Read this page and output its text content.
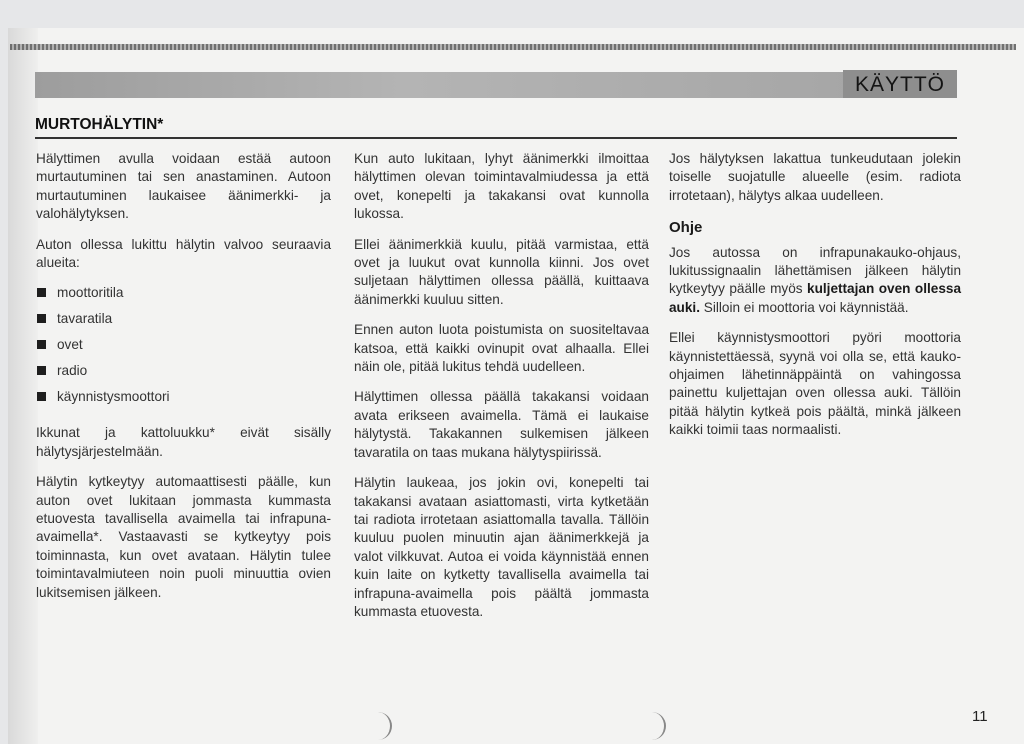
KÄYTTÖ
MURTOHÄLYTIN*

Hälyttimen avulla voidaan estää autoon murtautuminen tai sen anastaminen. Autoon murtautuminen laukaisee äänimerkki- ja valohälytyksen.

Auton ollessa lukittu hälytin valvoo seuraavia alueita:

moottoritila
tavaratila
ovet
radio
käynnistysmoottori

Ikkunat ja kattoluukku* eivät sisälly hälytysjärjestelmään.

Hälytin kytkeytyy automaattisesti päälle, kun auton ovet lukitaan jommasta kummasta etuovesta tavallisella avaimella tai infrapuna-avaimella*. Vastaavasti se kytkeytyy pois toiminnasta, kun ovet avataan. Hälytin tulee toimintavalmiuteen noin puoli minuuttia ovien lukitsemisen jälkeen.

Kun auto lukitaan, lyhyt äänimerkki ilmoittaa hälyttimen olevan toimintavalmiudessa ja että ovet, konepelti ja takakansi ovat kunnolla lukossa.

Ellei äänimerkkiä kuulu, pitää varmistaa, että ovet ja luukut ovat kunnolla kiinni. Jos ovet suljetaan hälyttimen ollessa päällä, kuittaava äänimerkki kuuluu sitten.

Ennen auton luota poistumista on suositeltavaa katsoa, että kaikki ovinupit ovat alhaalla. Ellei näin ole, pitää lukitus tehdä uudelleen.

Hälyttimen ollessa päällä takakansi voidaan avata erikseen avaimella. Tämä ei laukaise hälytystä. Takakannen sulkemisen jälkeen tavaratila on taas mukana hälytyspiirissä.

Hälytin laukeaa, jos jokin ovi, konepelti tai takakansi avataan asiattomasti, virta kytketään tai radiota irrotetaan asiattomalla tavalla. Tällöin kuuluu puolen minuutin ajan äänimerkkejä ja valot vilkkuvat. Autoa ei voida käynnistää ennen kuin laite on kytketty tavallisella avaimella tai infrapuna-avaimella pois päältä jommasta kummasta etuovesta.

Jos hälytyksen lakattua tunkeudutaan jolekin toiselle suojatulle alueelle (esim. radiota irrotetaan), hälytys alkaa uudelleen.

Ohje

Jos autossa on infrapunakauko-ohjaus, lukitussignaalin lähettämisen jälkeen hälytin kytkeytyy päälle myös kuljettajan oven ollessa auki. Silloin ei moottoria voi käynnistää.

Ellei käynnistysmoottori pyöri moottoria käynnistettäessä, syynä voi olla se, että kauko-ohjaimen lähetinnäppäintä on vahingossa painettu kuljettajan oven ollessa auki. Tällöin pitää hälytin kytkeä pois päältä, minkä jälkeen kaikki toimii taas normaalisti.

11
